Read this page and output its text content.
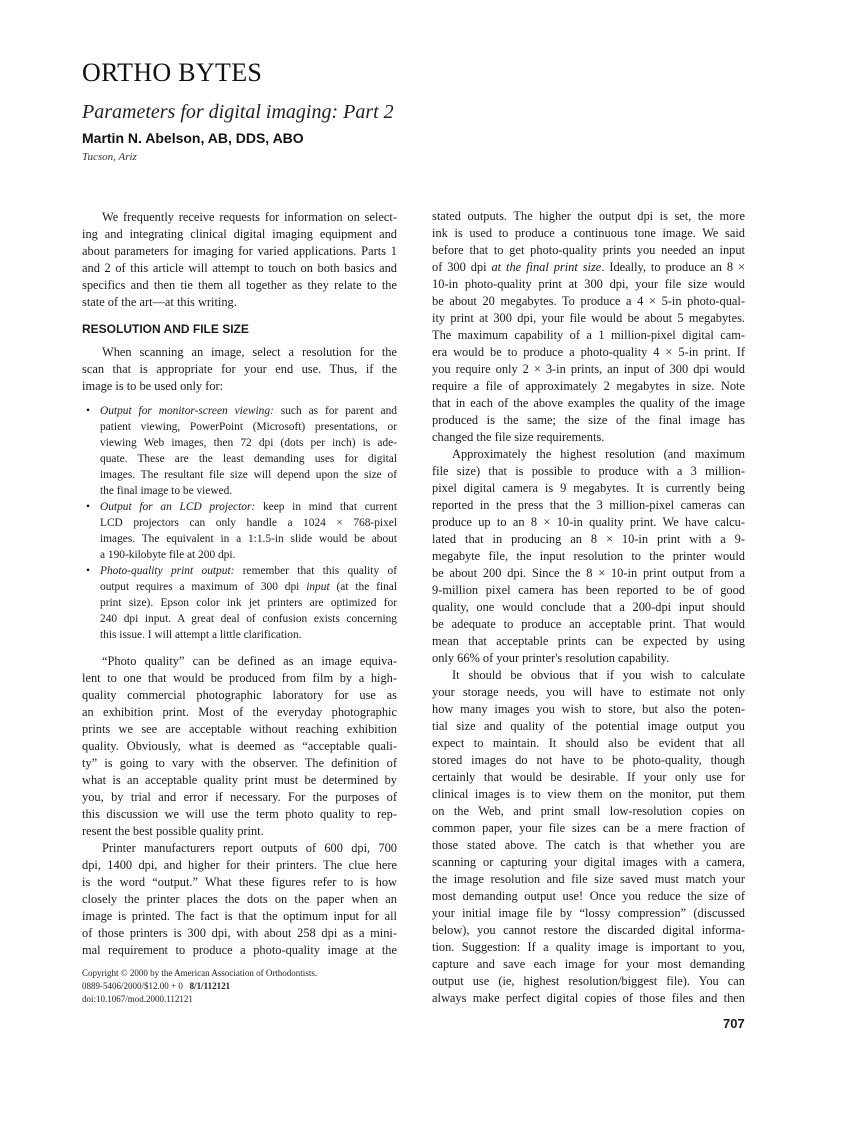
ORTHO BYTES
Parameters for digital imaging: Part 2
Martin N. Abelson, AB, DDS, ABO
Tucson, Ariz
We frequently receive requests for information on select-
ing and integrating clinical digital imaging equipment and
about parameters for imaging for varied applications. Parts 1
and 2 of this article will attempt to touch on both basics and
specifics and then tie them all together as they relate to the
state of the art—at this writing.
RESOLUTION AND FILE SIZE
When scanning an image, select a resolution for the
scan that is appropriate for your end use. Thus, if the
image is to be used only for:
• Output for monitor-screen viewing: such as for parent and
patient viewing, PowerPoint (Microsoft) presentations, or
viewing Web images, then 72 dpi (dots per inch) is ade-
quate. These are the least demanding uses for digital
images. The resultant file size will depend upon the size of
the final image to be viewed.
• Output for an LCD projector: keep in mind that current
LCD projectors can only handle a 1024 × 768-pixel
images. The equivalent in a 1:1.5-in slide would be about
a 190-kilobyte file at 200 dpi.
• Photo-quality print output: remember that this quality of
output requires a maximum of 300 dpi input (at the final
print size). Epson color ink jet printers are optimized for
240 dpi input. A great deal of confusion exists concerning
this issue. I will attempt a little clarification.
“Photo quality” can be defined as an image equiva-
lent to one that would be produced from film by a high-
quality commercial photographic laboratory for use as
an exhibition print. Most of the everyday photographic
prints we see are acceptable without reaching exhibition
quality. Obviously, what is deemed as “acceptable quali-
ty” is going to vary with the observer. The definition of
what is an acceptable quality print must be determined by
you, by trial and error if necessary. For the purposes of
this discussion we will use the term photo quality to rep-
resent the best possible quality print.
Printer manufacturers report outputs of 600 dpi, 700
dpi, 1400 dpi, and higher for their printers. The clue here
is the word “output.” What these figures refer to is how
closely the printer places the dots on the paper when an
image is printed. The fact is that the optimum input for all
of those printers is 300 dpi, with about 258 dpi as a mini-
mal requirement to produce a photo-quality image at the
stated outputs. The higher the output dpi is set, the more
ink is used to produce a continuous tone image. We said
before that to get photo-quality prints you needed an input
of 300 dpi at the final print size. Ideally, to produce an 8 ×
10-in photo-quality print at 300 dpi, your file size would
be about 20 megabytes. To produce a 4 × 5-in photo-qual-
ity print at 300 dpi, your file would be about 5 megabytes.
The maximum capability of a 1 million-pixel digital cam-
era would be to produce a photo-quality 4 × 5-in print. If
you require only 2 × 3-in prints, an input of 300 dpi would
require a file of approximately 2 megabytes in size. Note
that in each of the above examples the quality of the image
produced is the same; the size of the final image has
changed the file size requirements.
Approximately the highest resolution (and maximum
file size) that is possible to produce with a 3 million-
pixel digital camera is 9 megabytes. It is currently being
reported in the press that the 3 million-pixel cameras can
produce up to an 8 × 10-in quality print. We have calcu-
lated that in producing an 8 × 10-in print with a 9-
megabyte file, the input resolution to the printer would
be about 200 dpi. Since the 8 × 10-in print output from a
9-million pixel camera has been reported to be of good
quality, one would conclude that a 200-dpi input should
be adequate to produce an acceptable print. That would
mean that acceptable prints can be expected by using
only 66% of your printer's resolution capability.
It should be obvious that if you wish to calculate
your storage needs, you will have to estimate not only
how many images you wish to store, but also the poten-
tial size and quality of the potential image output you
expect to maintain. It should also be evident that all
stored images do not have to be photo-quality, though
certainly that would be desirable. If your only use for
clinical images is to view them on the monitor, put them
on the Web, and print small low-resolution copies on
common paper, your file sizes can be a mere fraction of
those stated above. The catch is that whether you are
scanning or capturing your digital images with a camera,
the image resolution and file size saved must match your
most demanding output use! Once you reduce the size of
your initial image file by “lossy compression” (discussed
below), you cannot restore the discarded digital informa-
tion. Suggestion: If a quality image is important to you,
capture and save each image for your most demanding
output use (ie, highest resolution/biggest file). You can
always make perfect digital copies of those files and then
Copyright © 2000 by the American Association of Orthodontists.
0889-5406/2000/$12.00 + 0 8/1/112121
doi:10.1067/mod.2000.112121
707
